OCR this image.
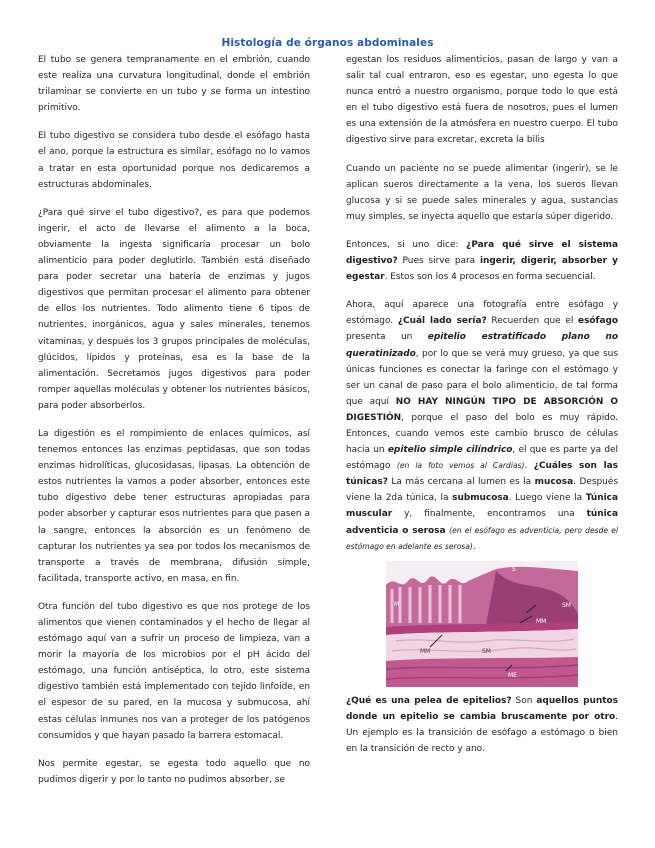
Histología de órganos abdominales

El tubo se genera tempranamente en el embrión, cuando este realiza una curvatura longitudinal, donde el embrión trilaminar se convierte en un tubo y se forma un intestino primitivo.

El tubo digestivo se considera tubo desde el esófago hasta el ano, porque la estructura es similar, esófago no lo vamos a tratar en esta oportunidad porque nos dedicaremos a estructuras abdominales.

¿Para qué sirve el tubo digestivo?, es para que podemos ingerir, el acto de llevarse el alimento a la boca, obviamente la ingesta significaría procesar un bolo alimenticio para poder deglutirlo. También está diseñado para poder secretar una batería de enzimas y jugos digestivos que permitan procesar el alimento para obtener de ellos los nutrientes. Todo alimento tiene 6 tipos de nutrientes, inorgánicos, agua y sales minerales, tenemos vitaminas, y después los 3 grupos principales de moléculas, glúcidos, lípidos y proteínas, esa es la base de la alimentación. Secretamos jugos digestivos para poder romper aquellas moléculas y obtener los nutrientes básicos, para poder absorberlos.

La digestión es el rompimiento de enlaces químicos, así tenemos entonces las enzimas peptidasas, que son todas enzimas hidrolíticas, glucosidasas, lipasas. La obtención de estos nutrientes la vamos a poder absorber, entonces este tubo digestivo debe tener estructuras apropiadas para poder absorber y capturar esos nutrientes para que pasen a la sangre, entonces la absorción es un fenómeno de capturar los nutrientes ya sea por todos los mecanismos de transporte a través de membrana, difusión simple, facilitada, transporte activo, en masa, en fin.

Otra función del tubo digestivo es que nos protege de los alimentos que vienen contaminados y el hecho de llegar al estómago aquí van a sufrir un proceso de limpieza, van a morir la mayoría de los microbios por el pH ácido del estómago, una función antiséptica, lo otro, este sistema digestivo también está implementado con tejido linfoide, en el espesor de su pared, en la mucosa y submucosa, ahí estas células inmunes nos van a proteger de los patógenos consumidos y que hayan pasado la barrera estomacal.

Nos permite egestar, se egesta todo aquello que no pudimos digerir y por lo tanto no pudimos absorber, se

egestan los residuos alimenticios, pasan de largo y van a salir tal cual entraron, eso es egestar, uno egesta lo que nunca entró a nuestro organismo, porque todo lo que está en el tubo digestivo está fuera de nosotros, pues el lumen es una extensión de la atmósfera en nuestro cuerpo. El tubo digestivo sirve para excretar, excreta la bilis

Cuando un paciente no se puede alimentar (ingerir), se le aplican sueros directamente a la vena, los sueros llevan glucosa y si se puede sales minerales y agua, sustancias muy simples, se inyecta aquello que estaría súper digerido.

Entonces, si uno dice: ¿Para qué sirve el sistema digestivo? Pues sirve para ingerir, digerir, absorber y egestar. Estos son los 4 procesos en forma secuencial.

Ahora, aquí aparece una fotografía entre esófago y estómago. ¿Cuál lado sería? Recuerden que el esófago presenta un epitelio estratificado plano no queratinizado, por lo que se verá muy grueso, ya que sus únicas funciones es conectar la faringe con el estómago y ser un canal de paso para el bolo alimenticio, de tal forma que aquí NO HAY NINGÚN TIPO DE ABSORCIÓN O DIGESTIÓN, porque el paso del bolo es muy rápido. Entonces, cuando vemos este cambio brusco de células hacia un epitelio simple cilíndrico, el que es parte ya del estómago (en la foto vemos al Cardias). ¿Cuáles son las túnicas? La más cercana al lumen es la mucosa. Después viene la 2da túnica, la submucosa. Luego viene la Túnica muscular y, finalmente, encontramos una túnica adventicia o serosa (en el esófago es adventicia, pero desde el estómago en adelante es serosa).

S
M	SM
MM
MM	SM
ME

¿Qué es una pelea de epitelios? Son aquellos puntos donde un epitelio se cambia bruscamente por otro. Un ejemplo es la transición de esófago a estómago o bien en la transición de recto y ano.
